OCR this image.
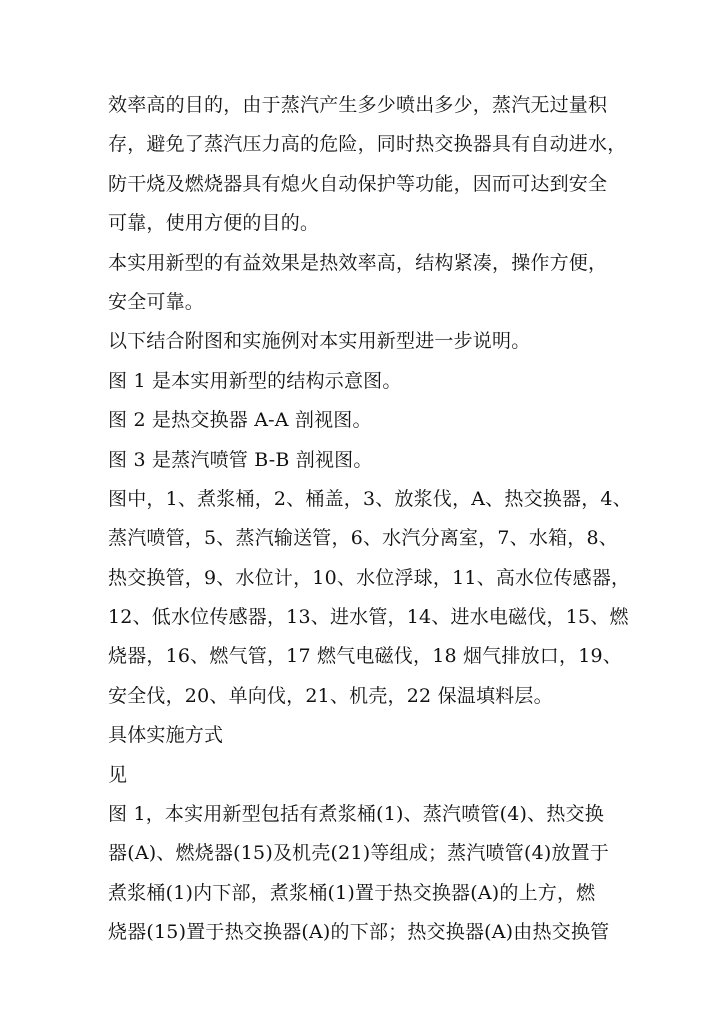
效率高的目的，由于蒸汽产生多少喷出多少，蒸汽无过量积
存，避免了蒸汽压力高的危险，同时热交换器具有自动进水，
防干烧及燃烧器具有熄火自动保护等功能，因而可达到安全
可靠，使用方便的目的。
本实用新型的有益效果是热效率高，结构紧凑，操作方便，
安全可靠。
以下结合附图和实施例对本实用新型进一步说明。
图 1 是本实用新型的结构示意图。
图 2 是热交换器 A-A 剖视图。
图 3 是蒸汽喷管 B-B 剖视图。
图中，1、煮浆桶，2、桶盖，3、放浆伐，A、热交换器，4、
蒸汽喷管，5、蒸汽输送管，6、水汽分离室，7、水箱，8、
热交换管，9、水位计，10、水位浮球，11、高水位传感器，
12、低水位传感器，13、进水管，14、进水电磁伐，15、燃
烧器，16、燃气管，17 燃气电磁伐，18 烟气排放口，19、
安全伐，20、单向伐，21、机壳，22 保温填料层。
具体实施方式
见
图 1，本实用新型包括有煮浆桶(1)、蒸汽喷管(4)、热交换
器(A)、燃烧器(15)及机壳(21)等组成；蒸汽喷管(4)放置于
煮浆桶(1)内下部，煮浆桶(1)置于热交换器(A)的上方，燃
烧器(15)置于热交换器(A)的下部；热交换器(A)由热交换管
